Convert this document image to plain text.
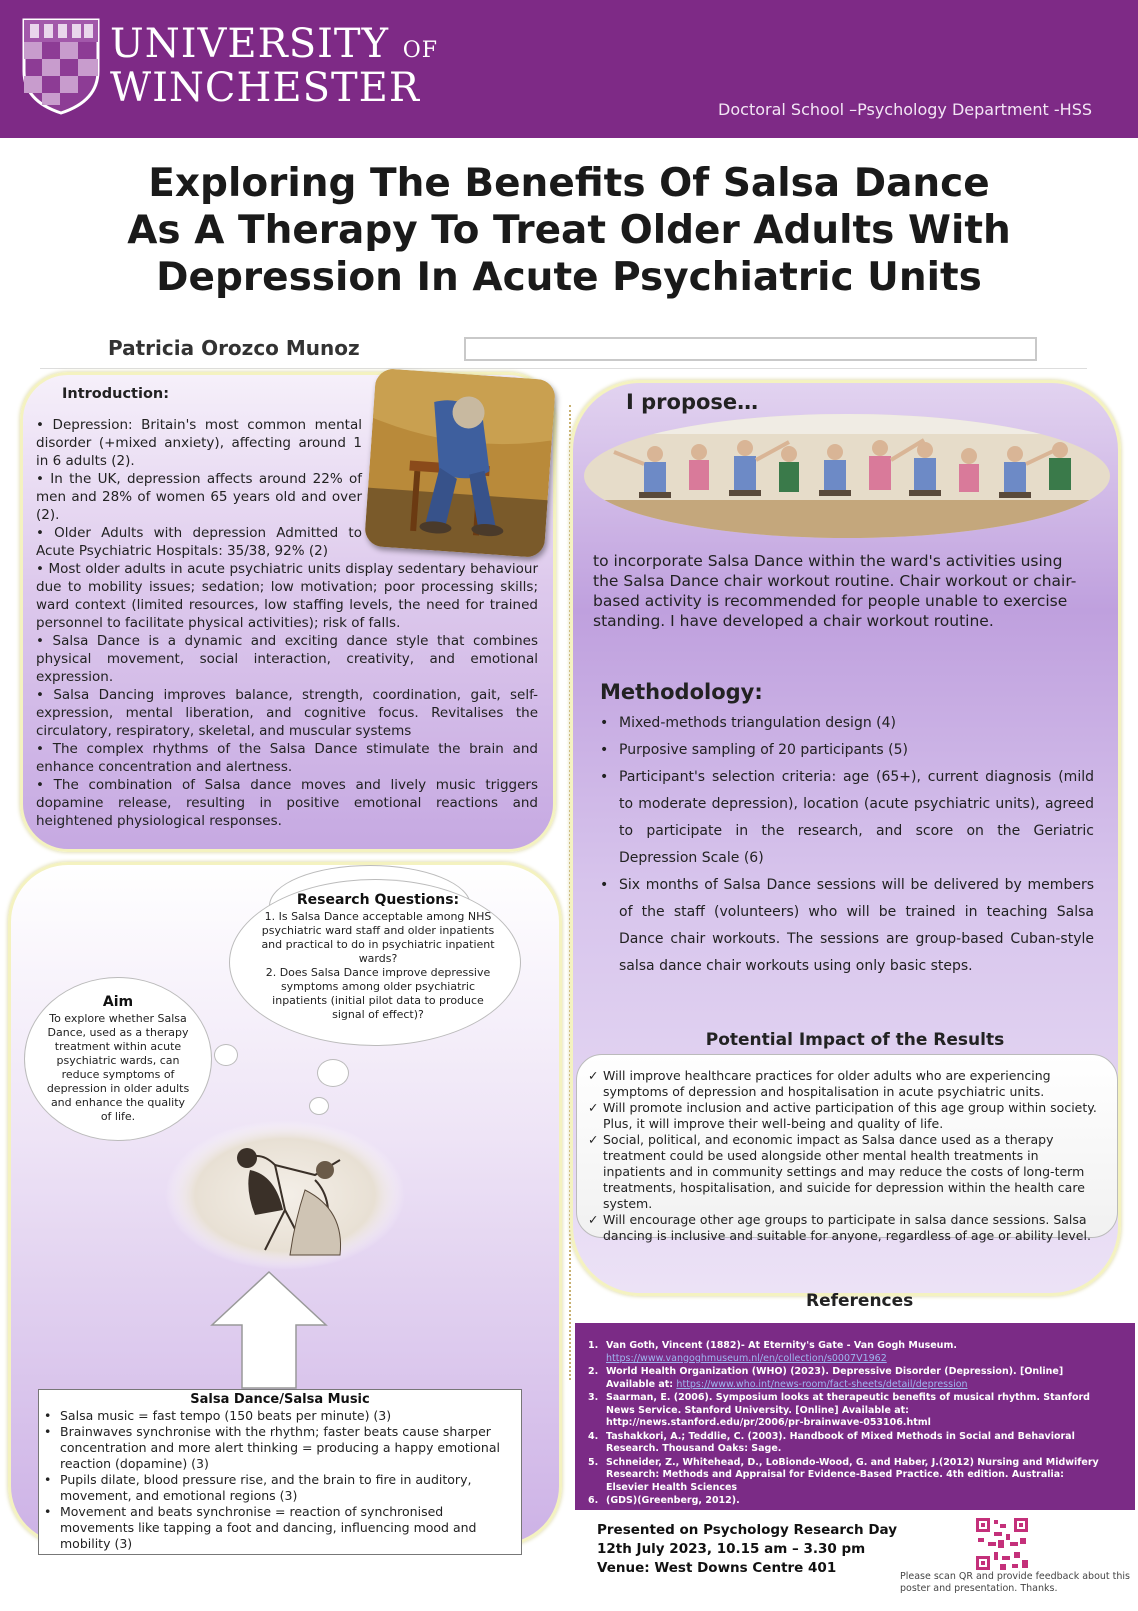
UNIVERSITY OF
WINCHESTER	Doctoral School –Psychology Department -HSS
Exploring The Benefits Of Salsa Dance
As A Therapy To Treat Older Adults With
Depression In Acute Psychiatric Units
Patricia Orozco Munoz
Introduction:

• Depression: Britain's most common mental disorder (+mixed anxiety), affecting around 1 in 6 adults (2).

• In the UK, depression affects around 22% of men and 28% of women 65 years old and over (2).

• Older Adults with depression Admitted to Acute Psychiatric Hospitals: 35/38, 92% (2)

• Most older adults in acute psychiatric units display sedentary behaviour due to mobility issues; sedation; low motivation; poor processing skills; ward context (limited resources, low staffing levels, the need for trained personnel to facilitate physical activities); risk of falls.

• Salsa Dance is a dynamic and exciting dance style that combines physical movement, social interaction, creativity, and emotional expression.

• Salsa Dancing improves balance, strength, coordination, gait, self-expression, mental liberation, and cognitive focus. Revitalises the circulatory, respiratory, skeletal, and muscular systems

• The complex rhythms of the Salsa Dance stimulate the brain and enhance concentration and alertness.

• The combination of Salsa dance moves and lively music triggers dopamine release, resulting in positive emotional reactions and heightened physiological responses.

I propose…
to incorporate Salsa Dance within the ward's activities using the Salsa Dance chair workout routine. Chair workout or chair-based activity is recommended for people unable to exercise standing. I have developed a chair workout routine.
Methodology:
• Mixed-methods triangulation design (4)
• Purposive sampling of 20 participants (5)
• Participant's selection criteria: age (65+), current diagnosis (mild to moderate depression), location (acute psychiatric units), agreed to participate in the research, and score on the Geriatric Depression Scale (6)
• Six months of Salsa Dance sessions will be delivered by members of the staff (volunteers) who will be trained in teaching Salsa Dance chair workouts. The sessions are group-based Cuban-style salsa dance chair workouts using only basic steps.
Potential Impact of the Results
✓ Will improve healthcare practices for older adults who are experiencing symptoms of depression and hospitalisation in acute psychiatric units.
✓ Will promote inclusion and active participation of this age group within society. Plus, it will improve their well-being and quality of life.
✓ Social, political, and economic impact as Salsa dance used as a therapy treatment could be used alongside other mental health treatments in inpatients and in community settings and may reduce the costs of long-term treatments, hospitalisation, and suicide for depression within the health care system.
✓ Will encourage other age groups to participate in salsa dance sessions. Salsa dancing is inclusive and suitable for anyone, regardless of age or ability level.
References
1. Van Goth, Vincent (1882)- At Eternity's Gate - Van Gogh Museum.
https://www.vangoghmuseum.nl/en/collection/s0007V1962
2. World Health Organization (WHO) (2023). Depressive Disorder (Depression). [Online] Available at: https://www.who.int/news-room/fact-sheets/detail/depression
3. Saarman, E. (2006). Symposium looks at therapeutic benefits of musical rhythm. Stanford News Service. Stanford University. [Online] Available at: http://news.stanford.edu/pr/2006/pr-brainwave-053106.html
4. Tashakkori, A.; Teddlie, C. (2003). Handbook of Mixed Methods in Social and Behavioral Research. Thousand Oaks: Sage.
5. Schneider, Z., Whitehead, D., LoBiondo-Wood, G. and Haber, J.(2012) Nursing and Midwifery Research: Methods and Appraisal for Evidence-Based Practice. 4th edition. Australia: Elsevier Health Sciences
6. (GDS)(Greenberg, 2012).
Presented on Psychology Research Day
12th July 2023, 10.15 am – 3.30 pm
Venue: West Downs Centre 401
Please scan QR and provide feedback about this poster and presentation. Thanks.
Research Questions:
1. Is Salsa Dance acceptable among NHS psychiatric ward staff and older inpatients and practical to do in psychiatric inpatient wards?
2. Does Salsa Dance improve depressive symptoms among older psychiatric inpatients (initial pilot data to produce signal of effect)?
Aim
To explore whether Salsa Dance, used as a therapy treatment within acute psychiatric wards, can reduce symptoms of depression in older adults and enhance the quality of life.
Salsa Dance/Salsa Music
• Salsa music = fast tempo (150 beats per minute) (3)
• Brainwaves synchronise with the rhythm; faster beats cause sharper concentration and more alert thinking = producing a happy emotional reaction (dopamine) (3)
• Pupils dilate, blood pressure rise, and the brain to fire in auditory, movement, and emotional regions (3)
• Movement and beats synchronise = reaction of synchronised movements like tapping a foot and dancing, influencing mood and mobility (3)
